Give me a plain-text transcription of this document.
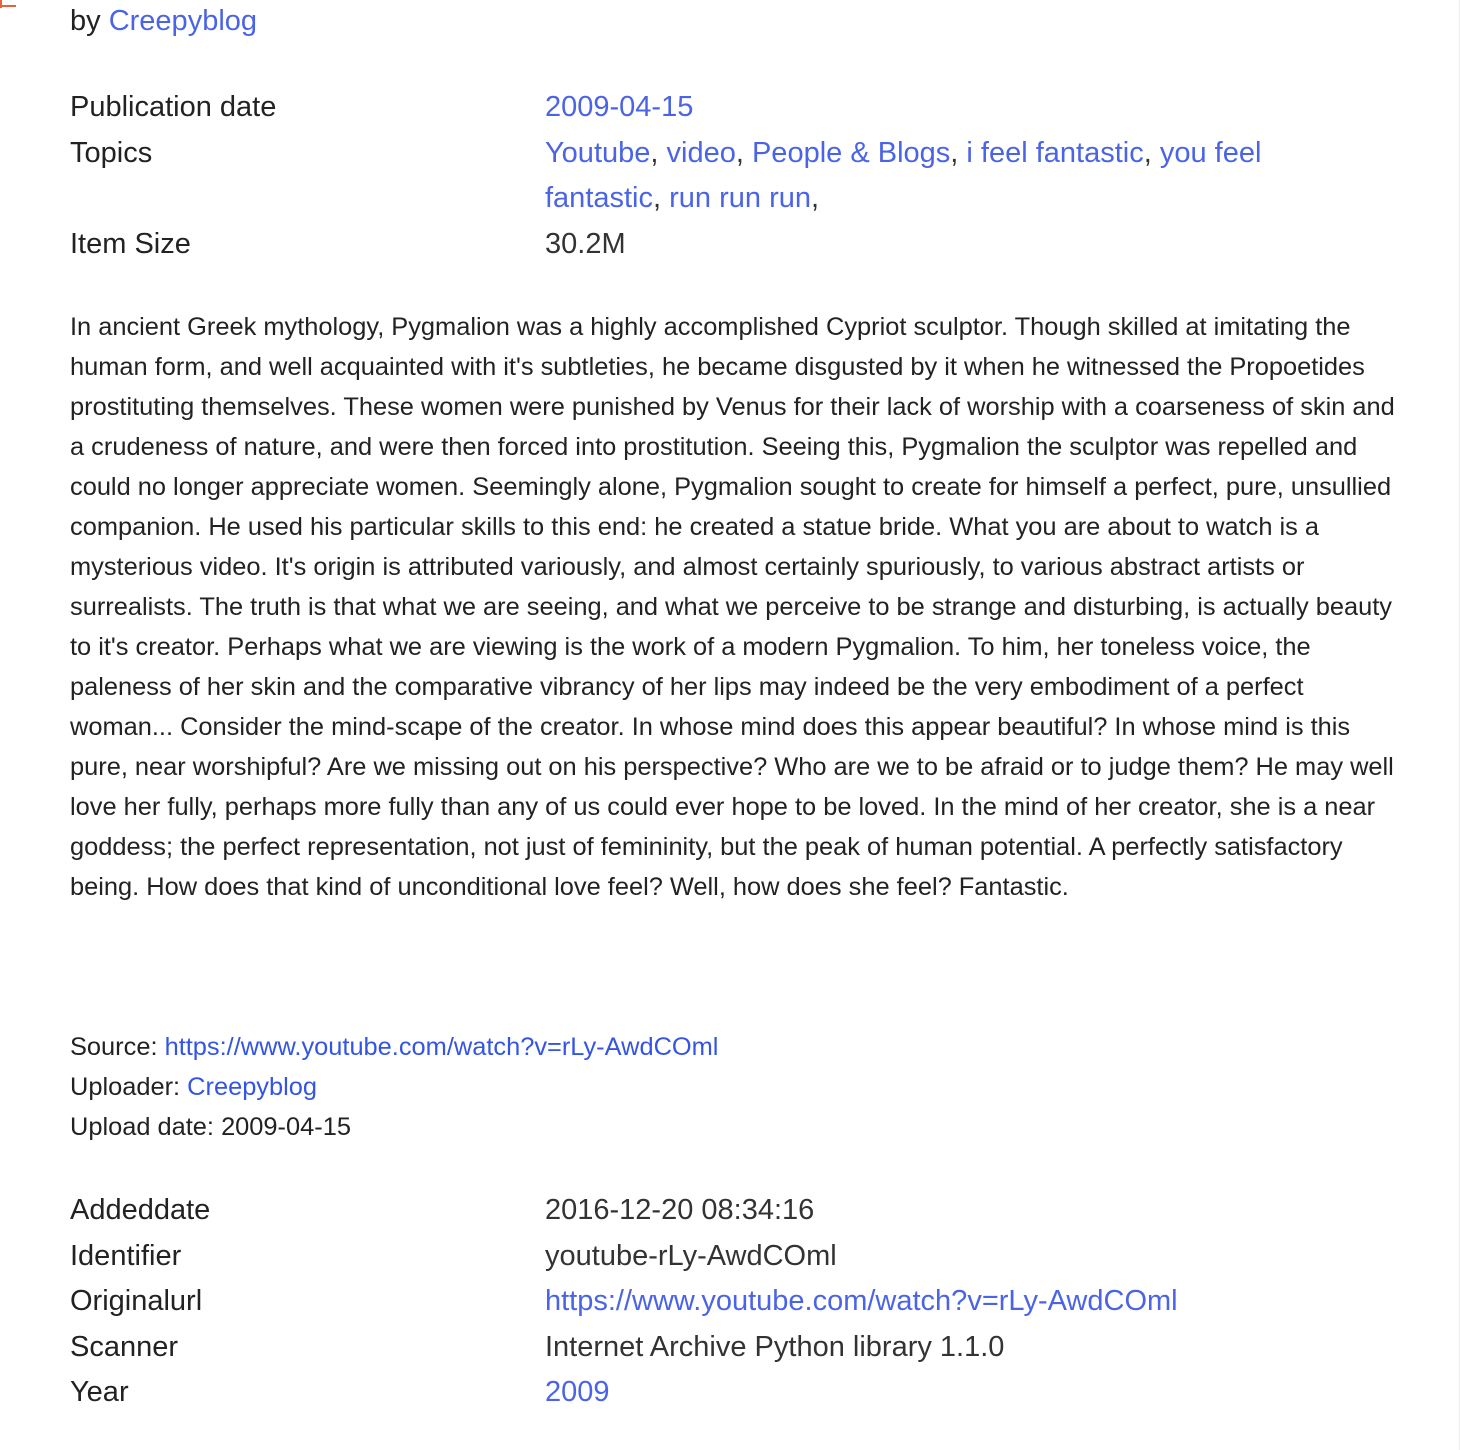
by Creepyblog
Publication date	2009-04-15
Topics	Youtube, video, People & Blogs, i feel fantastic, you feel fantastic, run run run,
Item Size	30.2M

In ancient Greek mythology, Pygmalion was a highly accomplished Cypriot sculptor. Though skilled at imitating the human form, and well acquainted with it's subtleties, he became disgusted by it when he witnessed the Propoetides prostituting themselves. These women were punished by Venus for their lack of worship with a coarseness of skin and a crudeness of nature, and were then forced into prostitution. Seeing this, Pygmalion the sculptor was repelled and could no longer appreciate women. Seemingly alone, Pygmalion sought to create for himself a perfect, pure, unsullied companion. He used his particular skills to this end: he created a statue bride. What you are about to watch is a mysterious video. It's origin is attributed variously, and almost certainly spuriously, to various abstract artists or surrealists. The truth is that what we are seeing, and what we perceive to be strange and disturbing, is actually beauty to it's creator. Perhaps what we are viewing is the work of a modern Pygmalion. To him, her toneless voice, the paleness of her skin and the comparative vibrancy of her lips may indeed be the very embodiment of a perfect woman... Consider the mind-scape of the creator. In whose mind does this appear beautiful? In whose mind is this pure, near worshipful? Are we missing out on his perspective? Who are we to be afraid or to judge them? He may well love her fully, perhaps more fully than any of us could ever hope to be loved. In the mind of her creator, she is a near goddess; the perfect representation, not just of femininity, but the peak of human potential. A perfectly satisfactory being. How does that kind of unconditional love feel? Well, how does she feel? Fantastic.

Source: https://www.youtube.com/watch?v=rLy-AwdCOml
Uploader: Creepyblog
Upload date: 2009-04-15
Addeddate	2016-12-20 08:34:16
Identifier	youtube-rLy-AwdCOml
Originalurl	https://www.youtube.com/watch?v=rLy-AwdCOml
Scanner	Internet Archive Python library 1.1.0
Year	2009
